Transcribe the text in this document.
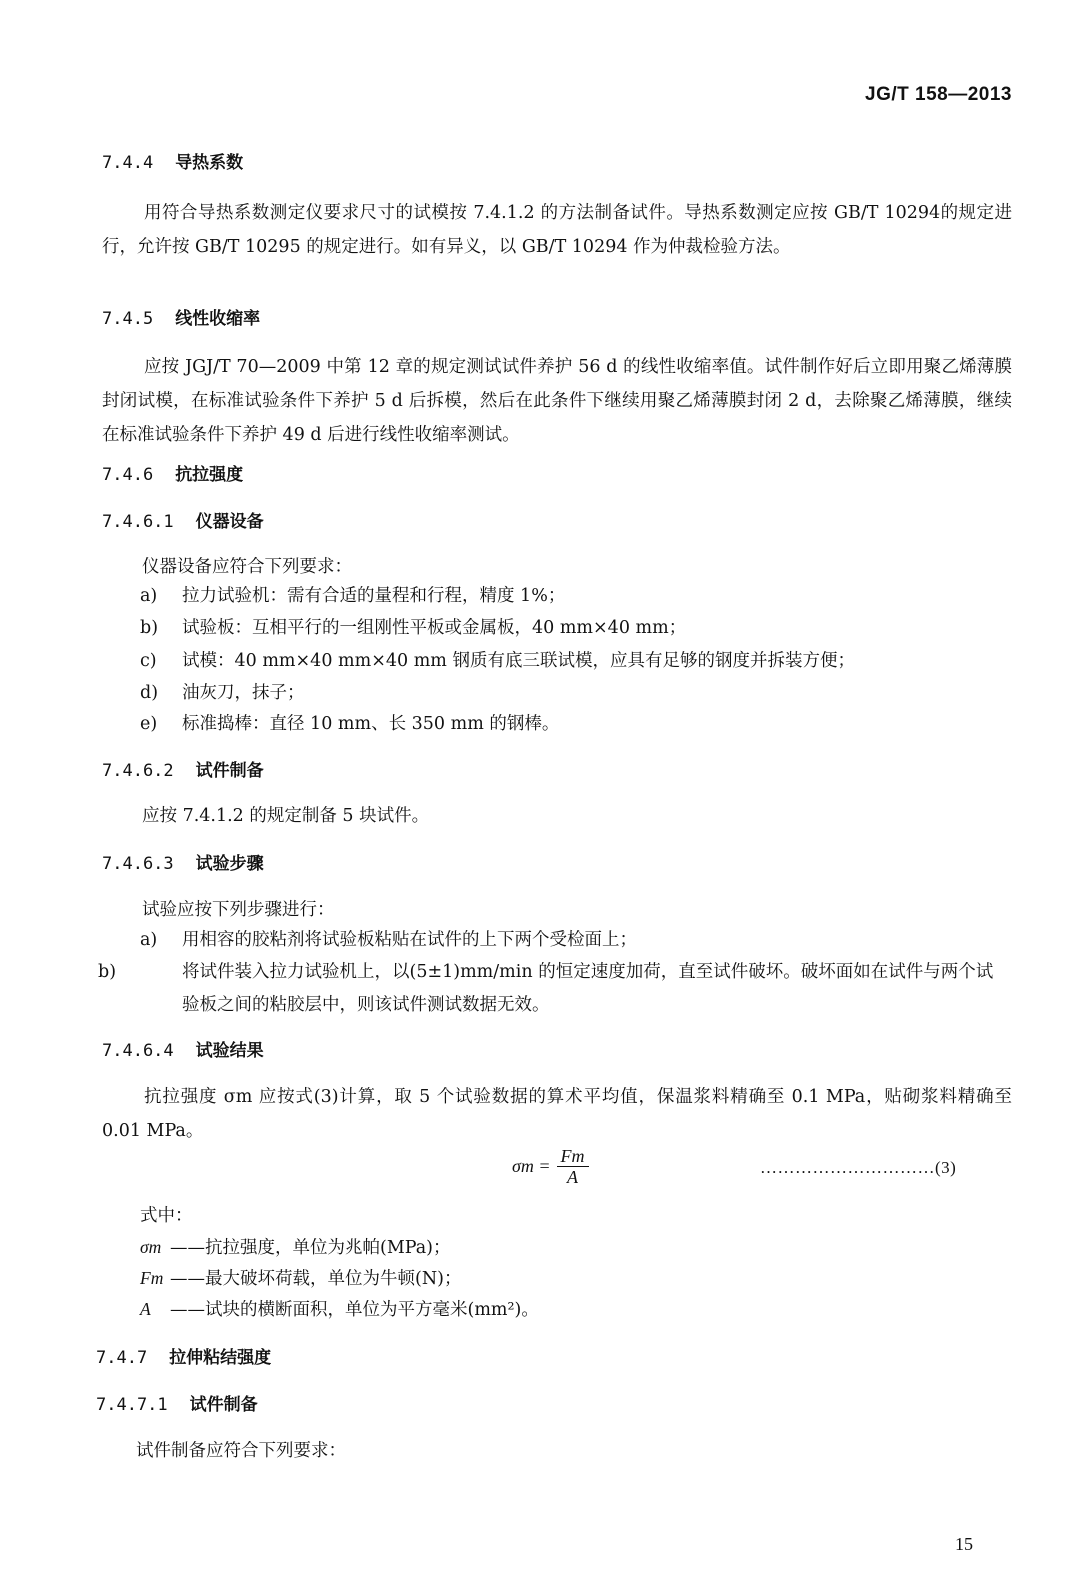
JG/T 158—2013
7.4.4 导热系数
用符合导热系数测定仪要求尺寸的试模按 7.4.1.2 的方法制备试件。导热系数测定应按 GB/T 10294的规定进行，允许按 GB/T 10295 的规定进行。如有异义，以 GB/T 10294 作为仲裁检验方法。
7.4.5 线性收缩率
应按 JGJ/T 70—2009 中第 12 章的规定测试试件养护 56 d 的线性收缩率值。试件制作好后立即用聚乙烯薄膜封闭试模，在标准试验条件下养护 5 d 后拆模，然后在此条件下继续用聚乙烯薄膜封闭 2 d，去除聚乙烯薄膜，继续在标准试验条件下养护 49 d 后进行线性收缩率测试。
7.4.6 抗拉强度
7.4.6.1 仪器设备
仪器设备应符合下列要求：
a) 拉力试验机：需有合适的量程和行程，精度 1%；
b) 试验板：互相平行的一组刚性平板或金属板，40 mm×40 mm；
c) 试模：40 mm×40 mm×40 mm 钢质有底三联试模，应具有足够的钢度并拆装方便；
d) 油灰刀，抹子；
e) 标准捣棒：直径 10 mm、长 350 mm 的钢棒。
7.4.6.2 试件制备
应按 7.4.1.2 的规定制备 5 块试件。
7.4.6.3 试验步骤
试验应按下列步骤进行：
a) 用相容的胶粘剂将试验板粘贴在试件的上下两个受检面上；
b)	将试件装入拉力试验机上，以(5±1)mm/min 的恒定速度加荷，直至试件破坏。破坏面如在试件与两个试验板之间的粘胶层中，则该试件测试数据无效。
7.4.6.4 试验结果
抗拉强度 σm 应按式(3)计算，取 5 个试验数据的算术平均值，保温浆料精确至 0.1 MPa，贴砌浆料精确至 0.01 MPa。
$\sigma m = \frac{Fm}{A}$	…………………………(3)
式中：
σm ——抗拉强度，单位为兆帕(MPa)；
Fm ——最大破坏荷载，单位为牛顿(N)；
A ——试块的横断面积，单位为平方毫米(mm²)。
7.4.7 拉伸粘结强度
7.4.7.1 试件制备
试件制备应符合下列要求：
15
